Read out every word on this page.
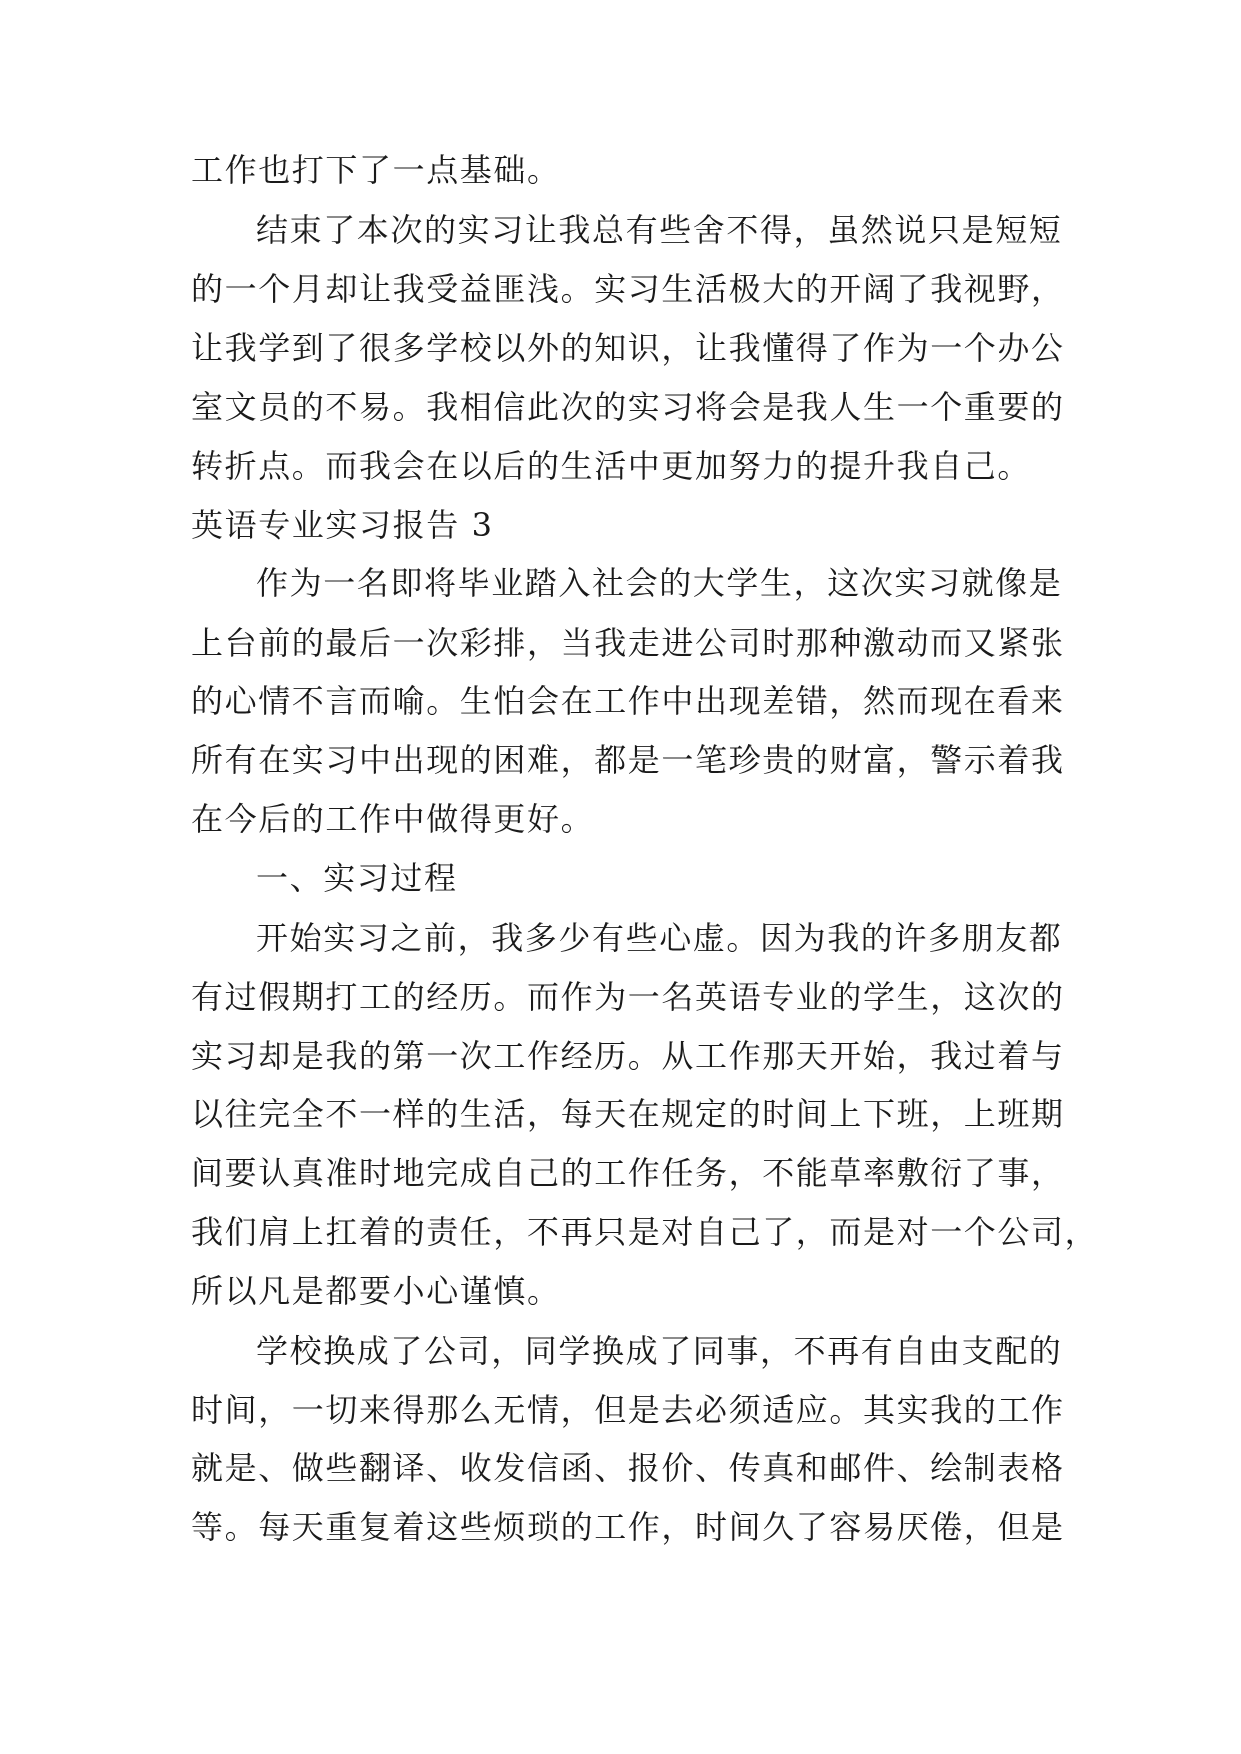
工作也打下了一点基础。
结束了本次的实习让我总有些舍不得，虽然说只是短短
的一个月却让我受益匪浅。实习生活极大的开阔了我视野，
让我学到了很多学校以外的知识，让我懂得了作为一个办公
室文员的不易。我相信此次的实习将会是我人生一个重要的
转折点。而我会在以后的生活中更加努力的提升我自己。
英语专业实习报告 3
作为一名即将毕业踏入社会的大学生，这次实习就像是
上台前的最后一次彩排，当我走进公司时那种激动而又紧张
的心情不言而喻。生怕会在工作中出现差错，然而现在看来
所有在实习中出现的困难，都是一笔珍贵的财富，警示着我
在今后的工作中做得更好。
一、实习过程
开始实习之前，我多少有些心虚。因为我的许多朋友都
有过假期打工的经历。而作为一名英语专业的学生，这次的
实习却是我的第一次工作经历。从工作那天开始，我过着与
以往完全不一样的生活，每天在规定的时间上下班，上班期
间要认真准时地完成自己的工作任务，不能草率敷衍了事，
我们肩上扛着的责任，不再只是对自己了，而是对一个公司，
所以凡是都要小心谨慎。
学校换成了公司，同学换成了同事，不再有自由支配的
时间，一切来得那么无情，但是去必须适应。其实我的工作
就是、做些翻译、收发信函、报价、传真和邮件、绘制表格
等。每天重复着这些烦琐的工作，时间久了容易厌倦，但是
